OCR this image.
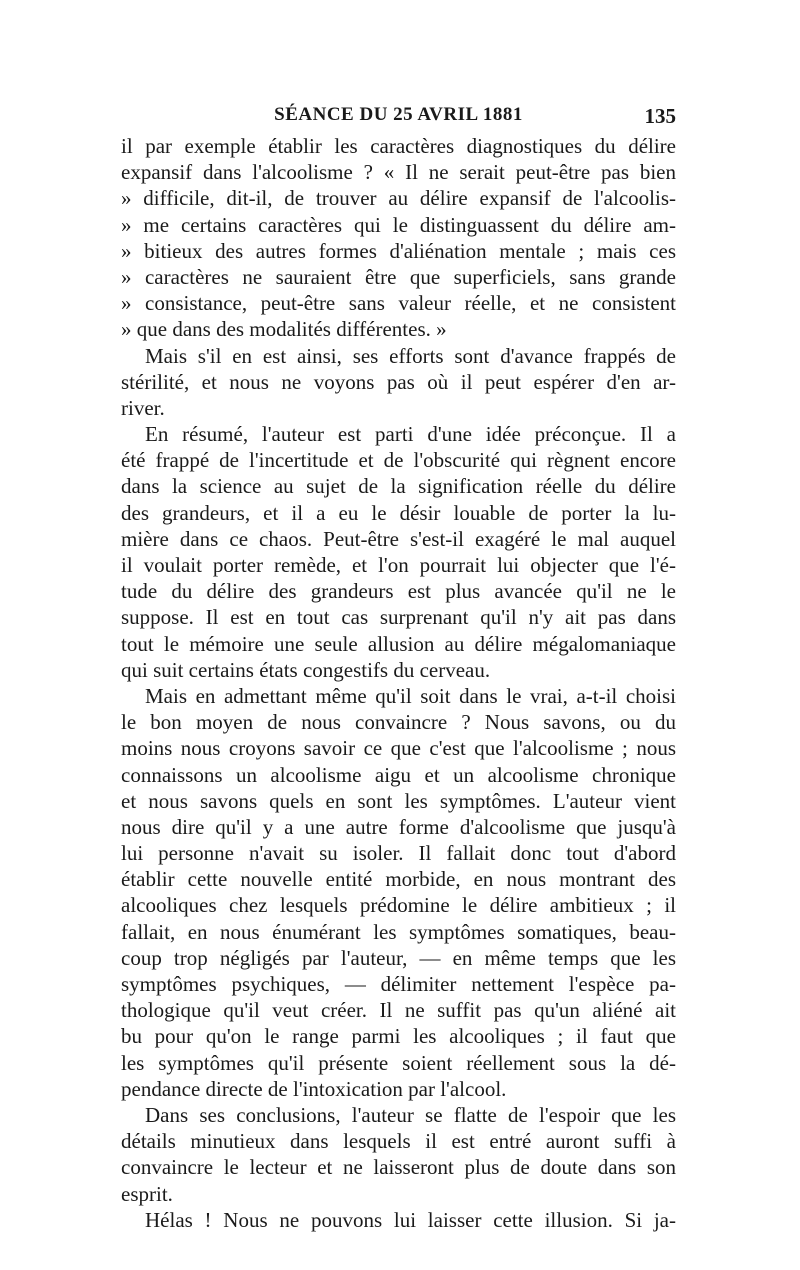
SÉANCE DU 25 AVRIL 1881	135
il par exemple établir les caractères diagnostiques du délire
expansif dans l'alcoolisme ? « Il ne serait peut-être pas bien
» difficile, dit-il, de trouver au délire expansif de l'alcoolis-
» me certains caractères qui le distinguassent du délire am-
» bitieux des autres formes d'aliénation mentale ; mais ces
» caractères ne sauraient être que superficiels, sans grande
» consistance, peut-être sans valeur réelle, et ne consistent
» que dans des modalités différentes. »
Mais s'il en est ainsi, ses efforts sont d'avance frappés de
stérilité, et nous ne voyons pas où il peut espérer d'en ar-
river.
En résumé, l'auteur est parti d'une idée préconçue. Il a
été frappé de l'incertitude et de l'obscurité qui règnent encore
dans la science au sujet de la signification réelle du délire
des grandeurs, et il a eu le désir louable de porter la lu-
mière dans ce chaos. Peut-être s'est-il exagéré le mal auquel
il voulait porter remède, et l'on pourrait lui objecter que l'é-
tude du délire des grandeurs est plus avancée qu'il ne le
suppose. Il est en tout cas surprenant qu'il n'y ait pas dans
tout le mémoire une seule allusion au délire mégalomaniaque
qui suit certains états congestifs du cerveau.
Mais en admettant même qu'il soit dans le vrai, a-t-il choisi
le bon moyen de nous convaincre ? Nous savons, ou du
moins nous croyons savoir ce que c'est que l'alcoolisme ; nous
connaissons un alcoolisme aigu et un alcoolisme chronique
et nous savons quels en sont les symptômes. L'auteur vient
nous dire qu'il y a une autre forme d'alcoolisme que jusqu'à
lui personne n'avait su isoler. Il fallait donc tout d'abord
établir cette nouvelle entité morbide, en nous montrant des
alcooliques chez lesquels prédomine le délire ambitieux ; il
fallait, en nous énumérant les symptômes somatiques, beau-
coup trop négligés par l'auteur, — en même temps que les
symptômes psychiques, — délimiter nettement l'espèce pa-
thologique qu'il veut créer. Il ne suffit pas qu'un aliéné ait
bu pour qu'on le range parmi les alcooliques ; il faut que
les symptômes qu'il présente soient réellement sous la dé-
pendance directe de l'intoxication par l'alcool.
Dans ses conclusions, l'auteur se flatte de l'espoir que les
détails minutieux dans lesquels il est entré auront suffi à
convaincre le lecteur et ne laisseront plus de doute dans son
esprit.
Hélas ! Nous ne pouvons lui laisser cette illusion. Si ja-
